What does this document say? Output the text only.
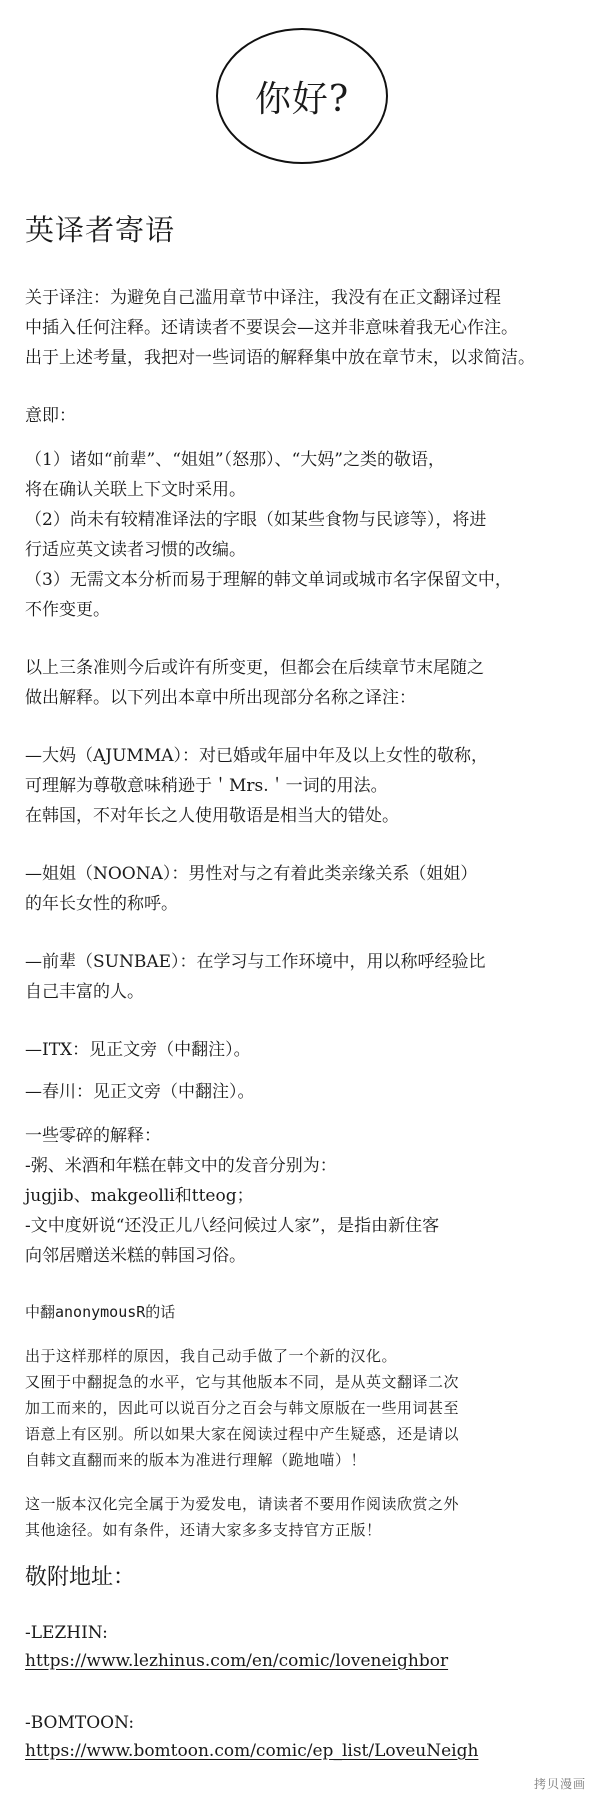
你好?
英译者寄语
关于译注：为避免自己滥用章节中译注，我没有在正文翻译过程
中插入任何注释。还请读者不要误会—这并非意味着我无心作注。
出于上述考量，我把对一些词语的解释集中放在章节末，以求简洁。
意即：
（1）诸如“前辈”、“姐姐”（怒那）、“大妈”之类的敬语，
将在确认关联上下文时采用。
（2）尚未有较精准译法的字眼（如某些食物与民谚等），将进
行适应英文读者习惯的改编。
（3）无需文本分析而易于理解的韩文单词或城市名字保留文中，
不作变更。
以上三条准则今后或许有所变更，但都会在后续章节末尾随之
做出解释。以下列出本章中所出现部分名称之译注：
—大妈（AJUMMA）：对已婚或年届中年及以上女性的敬称，
可理解为尊敬意味稍逊于＇Mrs.＇一词的用法。
在韩国，不对年长之人使用敬语是相当大的错处。
—姐姐（NOONA）：男性对与之有着此类亲缘关系（姐姐）
的年长女性的称呼。
—前辈（SUNBAE）：在学习与工作环境中，用以称呼经验比
自己丰富的人。
—ITX：见正文旁（中翻注）。
—春川：见正文旁（中翻注）。
一些零碎的解释：
-粥、米酒和年糕在韩文中的发音分别为：
jugjib、makgeolli和tteog；
-文中度妍说“还没正儿八经问候过人家”，是指由新住客
向邻居赠送米糕的韩国习俗。
中翻anonymousR的话
出于这样那样的原因，我自己动手做了一个新的汉化。
又囿于中翻捉急的水平，它与其他版本不同，是从英文翻译二次
加工而来的，因此可以说百分之百会与韩文原版在一些用词甚至
语意上有区别。所以如果大家在阅读过程中产生疑惑，还是请以
自韩文直翻而来的版本为准进行理解（跪地喵）！
这一版本汉化完全属于为爱发电，请读者不要用作阅读欣赏之外
其他途径。如有条件，还请大家多多支持官方正版！
敬附地址：
-LEZHIN:
https://www.lezhinus.com/en/comic/loveneighbor
-BOMTOON:
https://www.bomtoon.com/comic/ep_list/LoveuNeigh
拷贝漫画
